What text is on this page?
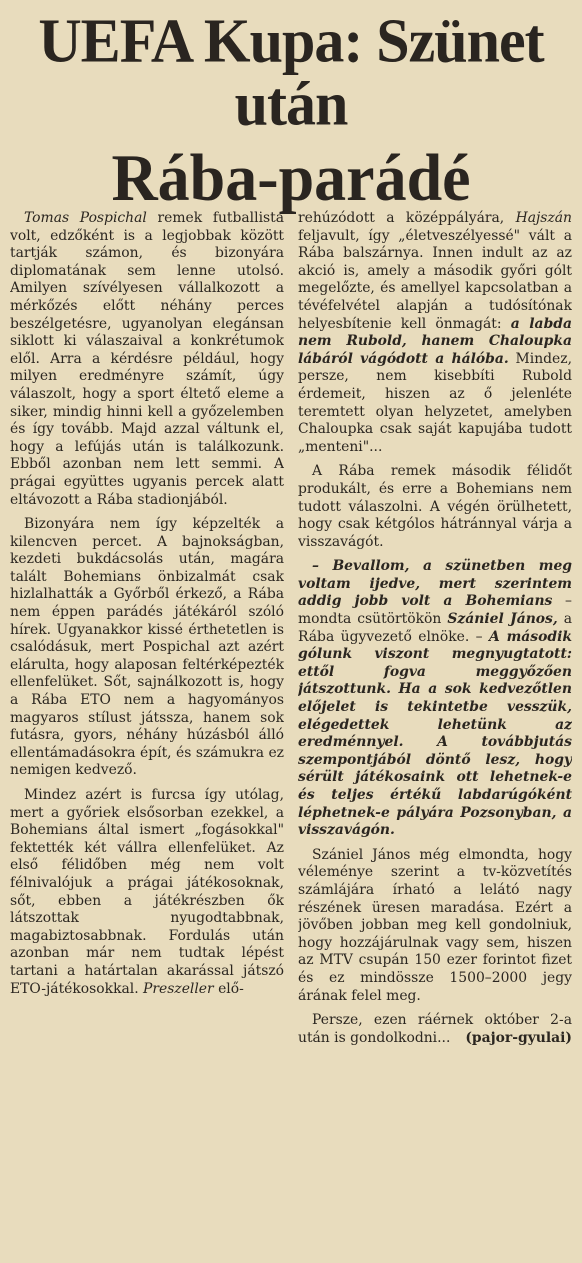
UEFA Kupa: Szünet után
Rába-parádé

Tomas Pospichal remek futballista volt, edzőként is a legjobbak között tartják számon, és bizonyára diplomatának sem lenne utolsó. Amilyen szívélyesen vállalkozott a mérkőzés előtt néhány perces beszélgetésre, ugyanolyan elegánsan siklott ki válaszaival a konkrétumok elől. Arra a kérdésre például, hogy milyen eredményre számít, úgy válaszolt, hogy a sport éltető eleme a siker, mindig hinni kell a győzelemben és így tovább. Majd azzal váltunk el, hogy a lefújás után is találkozunk. Ebből azonban nem lett semmi. A prágai együttes ugyanis percek alatt eltávozott a Rába stadionjából.

Bizonyára nem így képzelték a kilencven percet. A bajnokságban, kezdeti bukdácsolás után, magára talált Bohemians önbizalmát csak hizlalhatták a Győrből érkező, a Rába nem éppen parádés játékáról szóló hírek. Ugyanakkor kissé érthetetlen is csalódásuk, mert Pospichal azt azért elárulta, hogy alaposan feltérképezték ellenfelüket. Sőt, sajnálkozott is, hogy a Rába ETO nem a hagyományos magyaros stílust játssza, hanem sok futásra, gyors, néhány húzásból álló ellentámadásokra épít, és számukra ez nemigen kedvező.

Mindez azért is furcsa így utólag, mert a győriek elsősorban ezekkel, a Bohemians által ismert „fogásokkal" fektették két vállra ellenfelüket. Az első félidőben még nem volt félnivalójuk a prágai játékosoknak, sőt, ebben a játékrészben ők látszottak nyugodtabbnak, magabiztosabbnak. Fordulás után azonban már nem tudtak lépést tartani a határtalan akarással játszó ETO-játékosokkal. Preszeller elő-

rehúzódott a középpályára, Hajszán feljavult, így „életveszélyessé" vált a Rába balszárnya. Innen indult az az akció is, amely a második győri gólt megelőzte, és amellyel kapcsolatban a tévéfelvétel alapján a tudósítónak helyesbítenie kell önmagát: a labda nem Rubold, hanem Chaloupka lábáról vágódott a hálóba. Mindez, persze, nem kisebbíti Rubold érdemeit, hiszen az ő jelenléte teremtett olyan helyzetet, amelyben Chaloupka csak saját kapujába tudott „menteni"...

A Rába remek második félidőt produkált, és erre a Bohemians nem tudott válaszolni. A végén örülhetett, hogy csak kétgólos hátránnyal várja a visszavágót.

– Bevallom, a szünetben meg voltam ijedve, mert szerintem addig jobb volt a Bohemians – mondta csütörtökön Szániel János, a Rába ügyvezető elnöke. – A második gólunk viszont megnyugtatott: ettől fogva meggyőzően játszottunk. Ha a sok kedvezőtlen előjelet is tekintetbe vesszük, elégedettek lehetünk az eredménnyel. A továbbjutás szempontjából döntő lesz, hogy sérült játékosaink ott lehetnek-e és teljes értékű labdarúgóként léphetnek-e pályára Pozsonyban, a visszavágón.

Szániel János még elmondta, hogy véleménye szerint a tv-közvetítés számlájára írható a lelátó nagy részének üresen maradása. Ezért a jövőben jobban meg kell gondolniuk, hogy hozzájárulnak vagy sem, hiszen az MTV csupán 150 ezer forintot fizet és ez mindössze 1500–2000 jegy árának felel meg.

Persze, ezen ráérnek október 2-a után is gondolkodni...	(pajor-gyulai)
